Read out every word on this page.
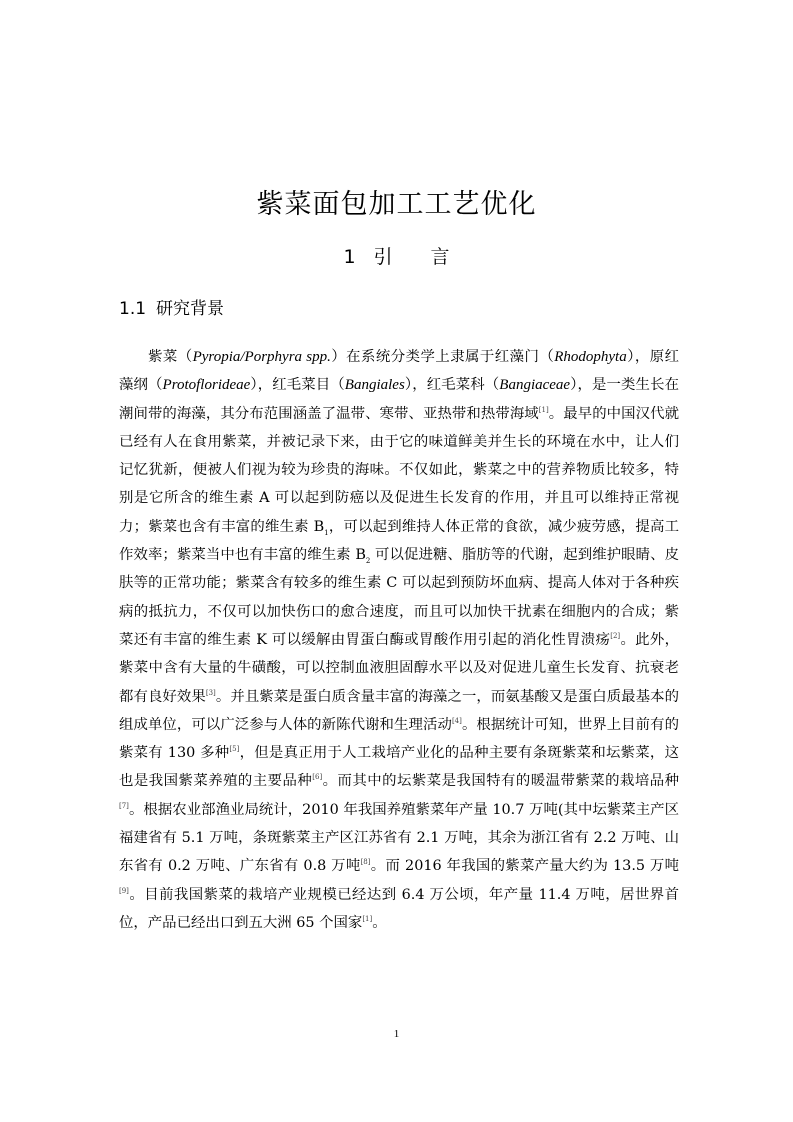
紫菜面包加工工艺优化
1 引 言
1.1 研究背景
紫菜（Pyropia/Porphyra spp.）在系统分类学上隶属于红藻门（Rhodophyta），原红藻纲（Protoflorideae），红毛菜目（Bangiales），红毛菜科（Bangiaceae），是一类生长在潮间带的海藻，其分布范围涵盖了温带、寒带、亚热带和热带海域[1]。最早的中国汉代就已经有人在食用紫菜，并被记录下来，由于它的味道鲜美并生长的环境在水中，让人们记忆犹新，便被人们视为较为珍贵的海味。不仅如此，紫菜之中的营养物质比较多，特别是它所含的维生素 A 可以起到防癌以及促进生长发育的作用，并且可以维持正常视力；紫菜也含有丰富的维生素 $B_1$，可以起到维持人体正常的食欲，减少疲劳感，提高工作效率；紫菜当中也有丰富的维生素 $B_2$ 可以促进糖、脂肪等的代谢，起到维护眼睛、皮肤等的正常功能；紫菜含有较多的维生素 C 可以起到预防坏血病、提高人体对于各种疾病的抵抗力，不仅可以加快伤口的愈合速度，而且可以加快干扰素在细胞内的合成；紫菜还有丰富的维生素 K 可以缓解由胃蛋白酶或胃酸作用引起的消化性胃溃疡[2]。此外，紫菜中含有大量的牛磺酸，可以控制血液胆固醇水平以及对促进儿童生长发育、抗衰老都有良好效果[3]。并且紫菜是蛋白质含量丰富的海藻之一，而氨基酸又是蛋白质最基本的组成单位，可以广泛参与人体的新陈代谢和生理活动[4]。根据统计可知，世界上目前有的紫菜有 130 多种[5]，但是真正用于人工栽培产业化的品种主要有条斑紫菜和坛紫菜，这也是我国紫菜养殖的主要品种[6]。而其中的坛紫菜是我国特有的暖温带紫菜的栽培品种[7]。根据农业部渔业局统计，2010 年我国养殖紫菜年产量 10.7 万吨(其中坛紫菜主产区福建省有 5.1 万吨，条斑紫菜主产区江苏省有 2.1 万吨，其余为浙江省有 2.2 万吨、山东省有 0.2 万吨、广东省有 0.8 万吨[8]。而 2016 年我国的紫菜产量大约为 13.5 万吨[9]。目前我国紫菜的栽培产业规模已经达到 6.4 万公顷，年产量 11.4 万吨，居世界首位，产品已经出口到五大洲 65 个国家[1]。
1
